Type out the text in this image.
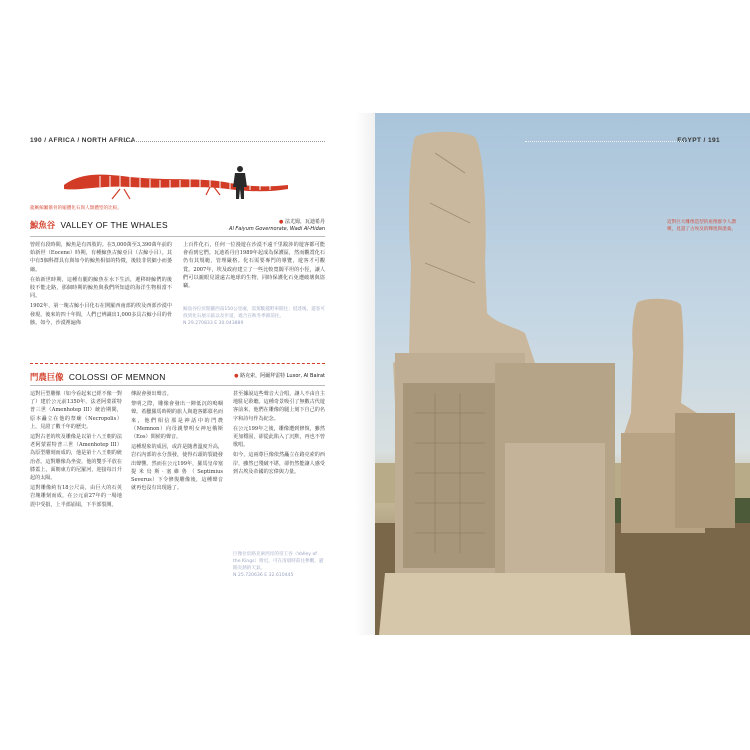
190 / AFRICA / NORTH AFRICA
龍蜥鯨屬骸骨的縮體化石與人類體型的比較。
鯨魚谷 VALLEY OF THE WHALES	● 法尤姆，瓦迪希丹
Al Faiyum Governorate, Wadi Al-Hidan

曾經有段時間，鯨魚是有四肢的。在5,000萬至3,390萬年前的始新世（Eocene）時期，有種鯨魚古鯨亞目（古鯨小目）。其中有5個科群具有與如今的鯨魚相似的特徵，後肢非常細小而萎縮。

在始新世時期，這種有腿的鯨魚在水下生活，遷移時鯨們的後肢不能走路，那個時期的鯨魚與我們所知道的海洋生物相當不同。

1902年，第一塊古鯨小目化石在開羅西南部的埃及西部沙漠中發現。後來的四十年間，人們已辨識出1,000多具古鯨小目的骨骸。如今，沙漠裡遍佈

上百件化石，任何一位漫遊在沙漠不遠千里跋涉的遊客都可能會看到它們。瓦迪希丹自1989年起成為保護區，然而觀賞化石仍有其規範，管理嚴格。化石需要專門的導覽，遊客才可觀賞。2007年，埃及政府建立了一些比較寬闊平坦的小徑，讓人們可以親眼見證遠古地球的生物，同時保護化石免遭破壞與盜竊。

鯨魚谷位於開羅西南150公里處，需駕駛越野車開往；抵達後，遊客可找到化石展示區以及步道，適合在秋冬季節前往。
N 29.270833 E 30.043889
門農巨像 COLOSSI OF MEMNON	● 路克索，阿爾拜雷特 Luxor, Al Bairat

這對巨型雕像（如今看起來已經不像一對了）建於公元前1350年，法老阿蒙霍特普三世（Amenhotep III）統治期間，原本矗立在他的祭廟（Necropolis）上，見證了數千年的歷史。

這對古老的埃及雕像是以第十八王朝的法老阿蒙霍特普三世（Amenhotep III）為原型雕刻而成的，他是第十八王朝的統治者。這對雕像為坐姿，他的雙手平放在膝蓋上，面朝東方的尼羅河，迎接每日升起的太陽。

這對雕像約有18公尺高，由巨大的石英岩塊雕刻而成，在公元前27年的一場地震中受損，上半部崩塌，下半部裂開。

傳說會發出聲音。

黎明之際，雕像會發出一陣低沉的嗚咽聲。希臘羅馬時期的旅人與遊客都慕名而來，他們相信那是神話中的門農（Memnon）向母親黎明女神厄俄斯（Eos）問候的聲音。

這種現象的成因，或許是隨著溫度升高，岩石內部的水分蒸發，使得石頭的裂縫發出聲響。然而在公元199年，羅馬皇帝塞提米烏斯·塞維魯（Septimius Severus）下令修復雕像後，這種聲音就再也沒有出現過了。

甚至據說這些聲音大合唱，讓人不由自主地駐足聆聽。這種奇景吸引了無數古代遊客前來，他們在雕像的腿上刻下自己的名字和詩句作為紀念。

在公元199年之後，雕像遭到修復，雖然更加穩固，卻從此陷入了沉默，再也不曾歌唱。

如今，這兩尊巨像依然矗立在路克索的西岸，雖然已殘破不堪，卻仍然能讓人感受到古埃及帝國的宏偉與力量。

巨像位於路克索西岸的帝王谷（Valley of the Kings）附近，可在清晨時前往參觀，避開炎熱的天氣。
N 25.720636 E 32.610445
EGYPT / 191
這對巨大雕像造型的座像群令人讚嘆，見證了古埃及的輝煌與滄桑。
